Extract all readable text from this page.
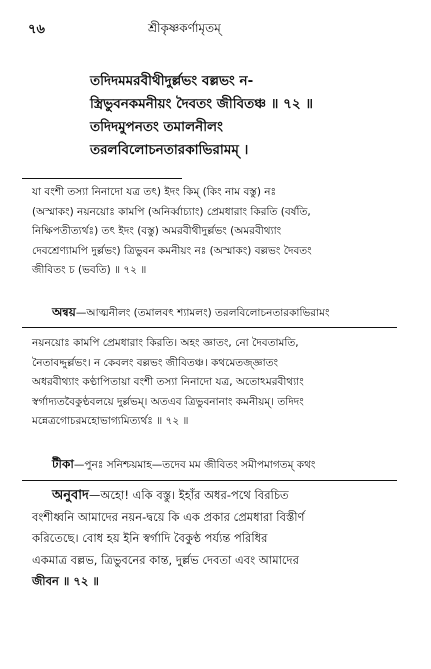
৭৬	শ্রীকৃষ্ণকর্ণামৃতম্
তদিদমমরবীথীদুর্ল্লভং বল্লভং ন-
স্ত্রিভুবনকমনীয়ং দৈবতং জীবিতঞ্চ ॥ ৭২ ॥
তদিদমুপনতং তমালনীলং
তরলবিলোচনতারকাভিরামম্ ।
যা বংশী তস্যা নিনাদো যত্র তৎ) ইদং কিম্ (কিং নাম বস্তু) নঃ
(অস্মাকং) নয়নয়োঃ কামপি (অনির্ব্বাচ্যাং) প্রেমধারাং কিরতি (বর্ষতি,
নিক্ষিপতীত্যর্থঃ) তৎ ইদং (বস্তু) অমরবীথীদুর্ল্লভং (অমরবীথ্যাং
দেবশ্রেণ্যামপি দুর্ল্লভং) ত্রিভুবন কমনীয়ং নঃ (অস্মাকং) বল্লভং দৈবতং
জীবিতং চ (ভবতি) ॥ ৭২ ॥
অন্বয়—আত্মনীলং (তমালবৎ শ্যামলং) তরলবিলোচনতারকাভিরামং
নয়নয়োঃ কামপি প্রেমধারাং কিরতি। অহং জ্ঞাতং, নো দৈবতামতি,
নৈতাবদ্দুর্ল্লভং। ন কেবলং বল্লভং জীবিতঞ্চ। কথমেতজ্জ্ঞাতং
অধরবীথ্যাং কণ্ঠাপিতায়া বংশী তস্যা নিনাদো যত্র, অতোঽমরবীথ্যাং
স্বর্গাদ্যতবৈকুণ্ঠবলয়ে দুর্ল্লভম্। অতএব ত্রিভুবনানাং কমনীয়ম্। তদিদং
মন্নেত্রগোচরমহোভাগ্যমিত্যর্থঃ ॥ ৭২ ॥
টীকা—পুনঃ সনিশ্চয়মাহ—তদেব মম জীবিতং সমীপমাগতম্ কথং
অনুবাদ—অহো! একি বস্তু। ইহাঁর অধর-পথে বিরচিত
বংশীধ্বনি আমাদের নয়ন-দ্বয়ে কি এক প্রকার প্রেমধারা বিস্তীর্ণ
করিতেছে। বোধ হয় ইনি স্বর্গাদি বৈকুণ্ঠ পর্য্যন্ত পরিধির
একমাত্র বল্লভ, ত্রিভুবনের কান্ত, দুর্ল্লভ দেবতা এবং আমাদের
জীবন ॥ ৭২ ॥
